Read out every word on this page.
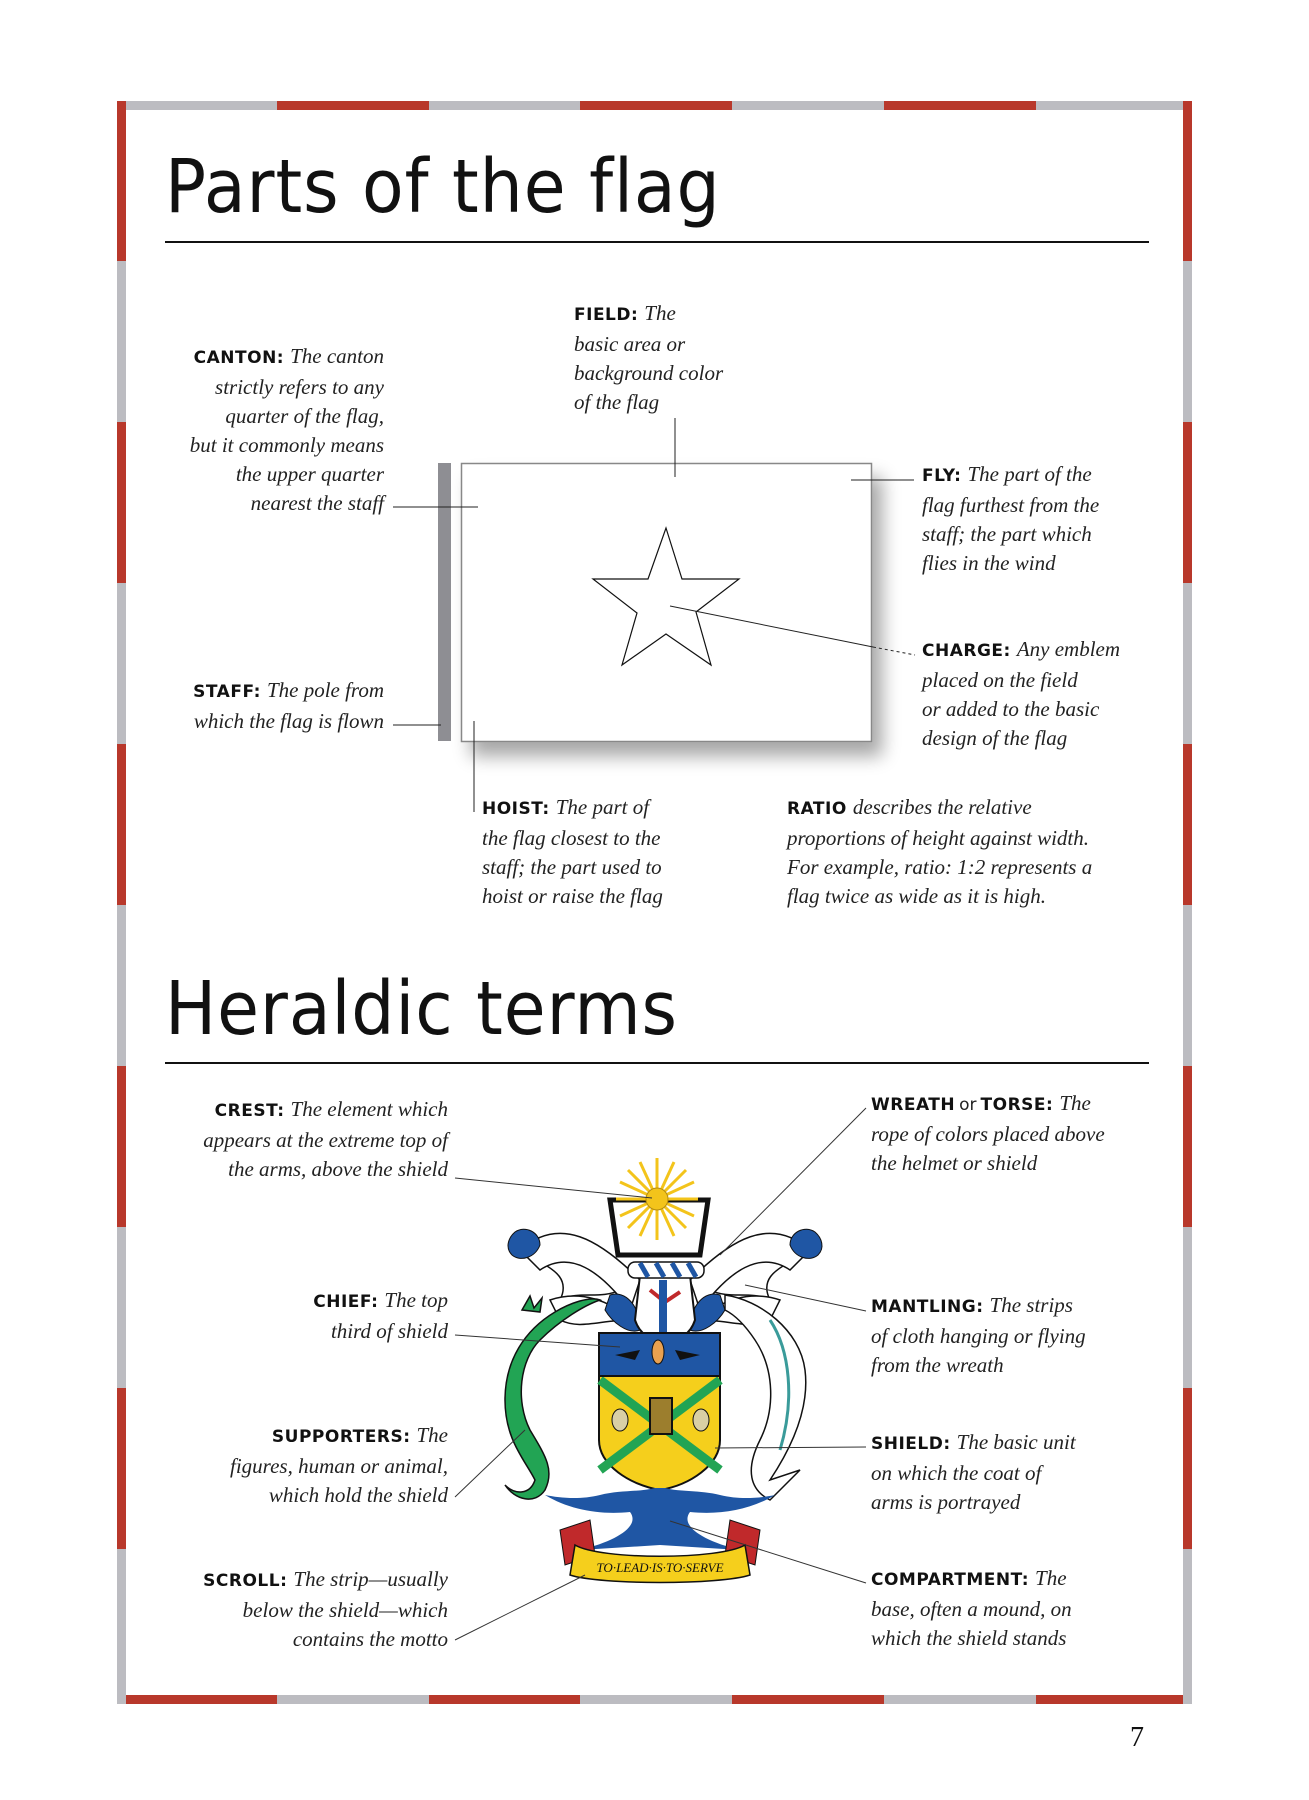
Parts of the flag
CANTON: The canton
strictly refers to any
quarter of the flag,
but it commonly means
the upper quarter
nearest the staff
FIELD: The
basic area or
background color
of the flag
FLY: The part of the
flag furthest from the
staff; the part which
flies in the wind
CHARGE: Any emblem
placed on the field
or added to the basic
design of the flag
STAFF: The pole from
which the flag is flown
HOIST: The part of
the flag closest to the
staff; the part used to
hoist or raise the flag
RATIO describes the relative
proportions of height against width.
For example, ratio: 1:2 represents a
flag twice as wide as it is high.
Heraldic terms
TO·LEAD·IS·TO·SERVE
CREST: The element which
appears at the extreme top of
the arms, above the shield
CHIEF: The top
third of shield
SUPPORTERS: The
figures, human or animal,
which hold the shield
SCROLL: The strip—usually
below the shield—which
contains the motto
WREATH or TORSE: The
rope of colors placed above
the helmet or shield
MANTLING: The strips
of cloth hanging or flying
from the wreath
SHIELD: The basic unit
on which the coat of
arms is portrayed
COMPARTMENT: The
base, often a mound, on
which the shield stands
7
